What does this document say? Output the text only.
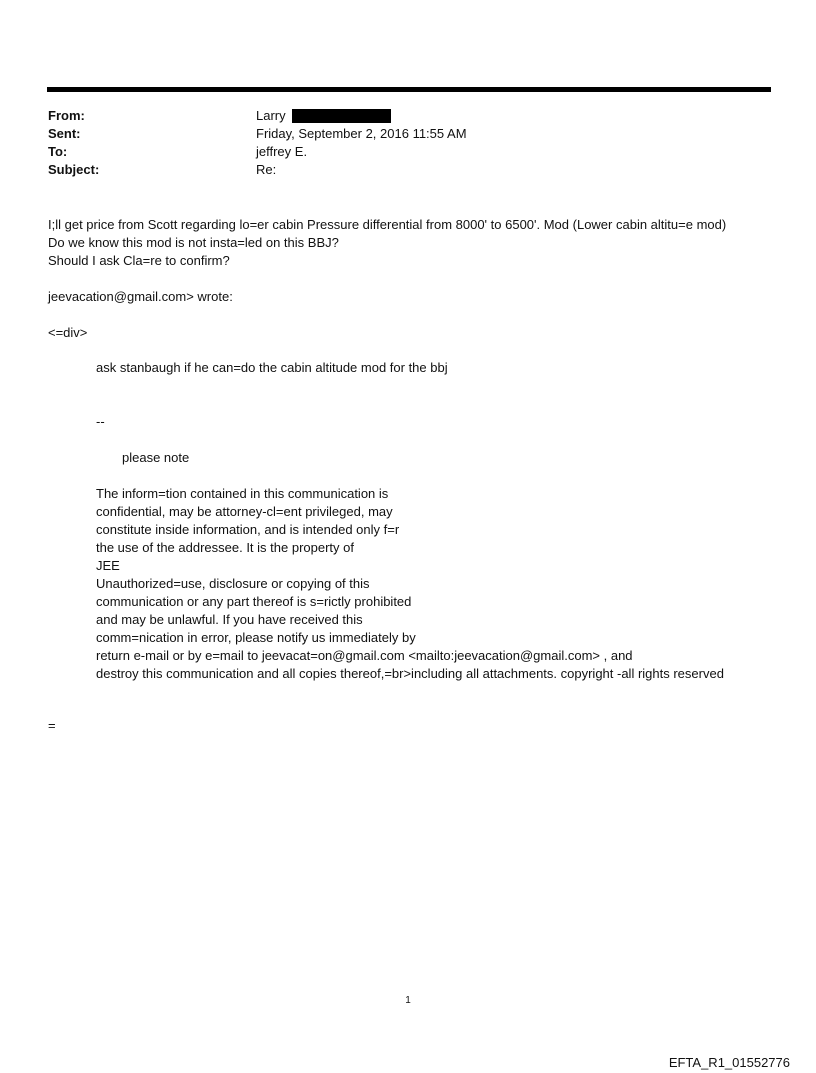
From:	Larry
Sent:	Friday, September 2, 2016 11:55 AM
To:	jeffrey E.
Subject:	Re:
I;ll get price from Scott regarding lo=er cabin Pressure differential from 8000' to 6500'. Mod (Lower cabin altitu=e mod)
Do we know this mod is not insta=led on this BBJ?
Should I ask Cla=re to confirm?
jeevacation@gmail.com> wrote:
<=div>
ask stanbaugh if he can=do the cabin altitude mod for the bbj
--
please note
The inform=tion contained in this communication is
confidential, may be attorney-cl=ent privileged, may
constitute inside information, and is intended only f=r
the use of the addressee. It is the property of
JEE
Unauthorized=use, disclosure or copying of this
communication or any part thereof is s=rictly prohibited
and may be unlawful. If you have received this
comm=nication in error, please notify us immediately by
return e-mail or by e=mail to jeevacat=on@gmail.com <mailto:jeevacation@gmail.com> , and
destroy this communication and all copies thereof,=br>including all attachments. copyright -all rights reserved
=
1
EFTA_R1_01552776
